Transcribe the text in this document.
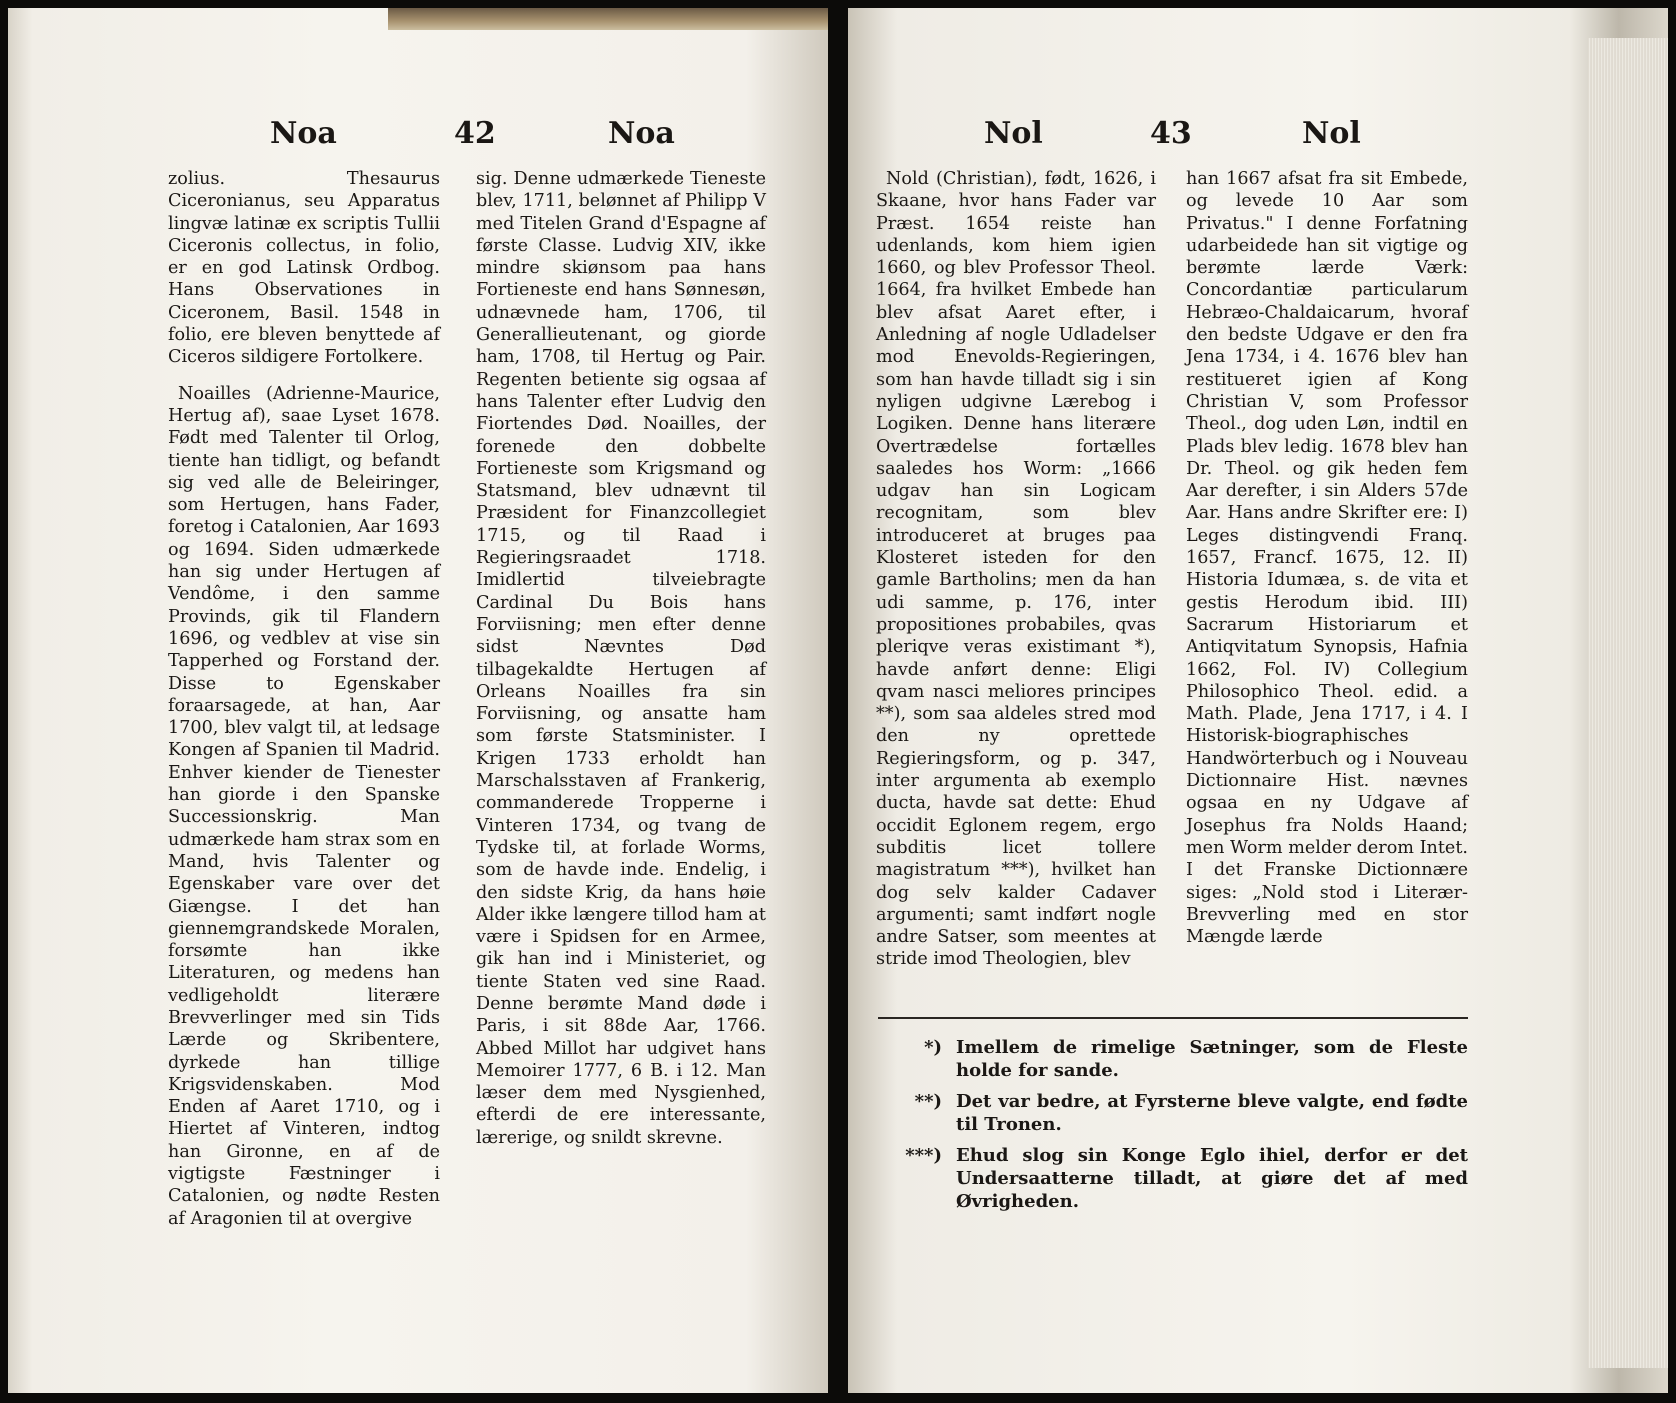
Noa	42	Noa

zolius. Thesaurus Ciceronianus, seu Apparatus lingvæ latinæ ex scriptis Tullii Ciceronis collectus, in folio, er en god Latinsk Ordbog. Hans Observationes in Ciceronem, Basil. 1548 in folio, ere bleven benyttede af Ciceros sildigere Fortolkere.

Noailles (Adrienne-Maurice, Hertug af), saae Lyset 1678. Født med Talenter til Orlog, tiente han tidligt, og befandt sig ved alle de Beleiringer, som Hertugen, hans Fader, foretog i Catalonien, Aar 1693 og 1694. Siden udmærkede han sig under Hertugen af Vendôme, i den samme Provinds, gik til Flandern 1696, og vedblev at vise sin Tapperhed og Forstand der. Disse to Egenskaber foraarsagede, at han, Aar 1700, blev valgt til, at ledsage Kongen af Spanien til Madrid. Enhver kiender de Tienester han giorde i den Spanske Successionskrig. Man udmærkede ham strax som en Mand, hvis Talenter og Egenskaber vare over det Giængse. I det han giennemgrandskede Moralen, forsømte han ikke Literaturen, og medens han vedligeholdt literære Brevverlinger med sin Tids Lærde og Skribentere, dyrkede han tillige Krigsvidenskaben. Mod Enden af Aaret 1710, og i Hiertet af Vinteren, indtog han Gironne, en af de vigtigste Fæstninger i Catalonien, og nødte Resten af Aragonien til at overgive

sig. Denne udmærkede Tieneste blev, 1711, belønnet af Philipp V med Titelen Grand d'Espagne af første Classe. Ludvig XIV, ikke mindre skiønsom paa hans Fortieneste end hans Sønnesøn, udnævnede ham, 1706, til Generallieutenant, og giorde ham, 1708, til Hertug og Pair. Regenten betiente sig ogsaa af hans Talenter efter Ludvig den Fiortendes Død. Noailles, der forenede den dobbelte Fortieneste som Krigsmand og Statsmand, blev udnævnt til Præsident for Finanzcollegiet 1715, og til Raad i Regieringsraadet 1718. Imidlertid tilveiebragte Cardinal Du Bois hans Forviisning; men efter denne sidst Nævntes Død tilbagekaldte Hertugen af Orleans Noailles fra sin Forviisning, og ansatte ham som første Statsminister. I Krigen 1733 erholdt han Marschalsstaven af Frankerig, commanderede Tropperne i Vinteren 1734, og tvang de Tydske til, at forlade Worms, som de havde inde. Endelig, i den sidste Krig, da hans høie Alder ikke længere tillod ham at være i Spidsen for en Armee, gik han ind i Ministeriet, og tiente Staten ved sine Raad. Denne berømte Mand døde i Paris, i sit 88de Aar, 1766. Abbed Millot har udgivet hans Memoirer 1777, 6 B. i 12. Man læser dem med Nysgienhed, efterdi de ere interessante, lærerige, og snildt skrevne.

Nol	43	Nol

Nold (Christian), født, 1626, i Skaane, hvor hans Fader var Præst. 1654 reiste han udenlands, kom hiem igien 1660, og blev Professor Theol. 1664, fra hvilket Embede han blev afsat Aaret efter, i Anledning af nogle Udladelser mod Enevolds-Regieringen, som han havde tilladt sig i sin nyligen udgivne Lærebog i Logiken. Denne hans literære Overtrædelse fortælles saaledes hos Worm: „1666 udgav han sin Logicam recognitam, som blev introduceret at bruges paa Klosteret isteden for den gamle Bartholins; men da han udi samme, p. 176, inter propositiones probabiles, qvas pleriqve veras existimant *), havde anført denne: Eligi qvam nasci meliores principes **), som saa aldeles stred mod den ny oprettede Regieringsform, og p. 347, inter argumenta ab exemplo ducta, havde sat dette: Ehud occidit Eglonem regem, ergo subditis licet tollere magistratum ***), hvilket han dog selv kalder Cadaver argumenti; samt indført nogle andre Satser, som meentes at stride imod Theologien, blev

han 1667 afsat fra sit Embede, og levede 10 Aar som Privatus." I denne Forfatning udarbeidede han sit vigtige og berømte lærde Værk: Concordantiæ particularum Hebræo-Chaldaicarum, hvoraf den bedste Udgave er den fra Jena 1734, i 4. 1676 blev han restitueret igien af Kong Christian V, som Professor Theol., dog uden Løn, indtil en Plads blev ledig. 1678 blev han Dr. Theol. og gik heden fem Aar derefter, i sin Alders 57de Aar. Hans andre Skrifter ere: I) Leges distingvendi Franq. 1657, Francf. 1675, 12. II) Historia Idumæa, s. de vita et gestis Herodum ibid. III) Sacrarum Historiarum et Antiqvitatum Synopsis, Hafnia 1662, Fol. IV) Collegium Philosophico Theol. edid. a Math. Plade, Jena 1717, i 4. I Historisk-biographisches Handwörterbuch og i Nouveau Dictionnaire Hist. nævnes ogsaa en ny Udgave af Josephus fra Nolds Haand; men Worm melder derom Intet. I det Franske Dictionnære siges: „Nold stod i Literær-Brevverling med en stor Mængde lærde

*) Imellem de rimelige Sætninger, som de Fleste holde for sande.
**) Det var bedre, at Fyrsterne bleve valgte, end fødte til Tronen.
***) Ehud slog sin Konge Eglo ihiel, derfor er det Undersaatterne tilladt, at giøre det af med Øvrigheden.
